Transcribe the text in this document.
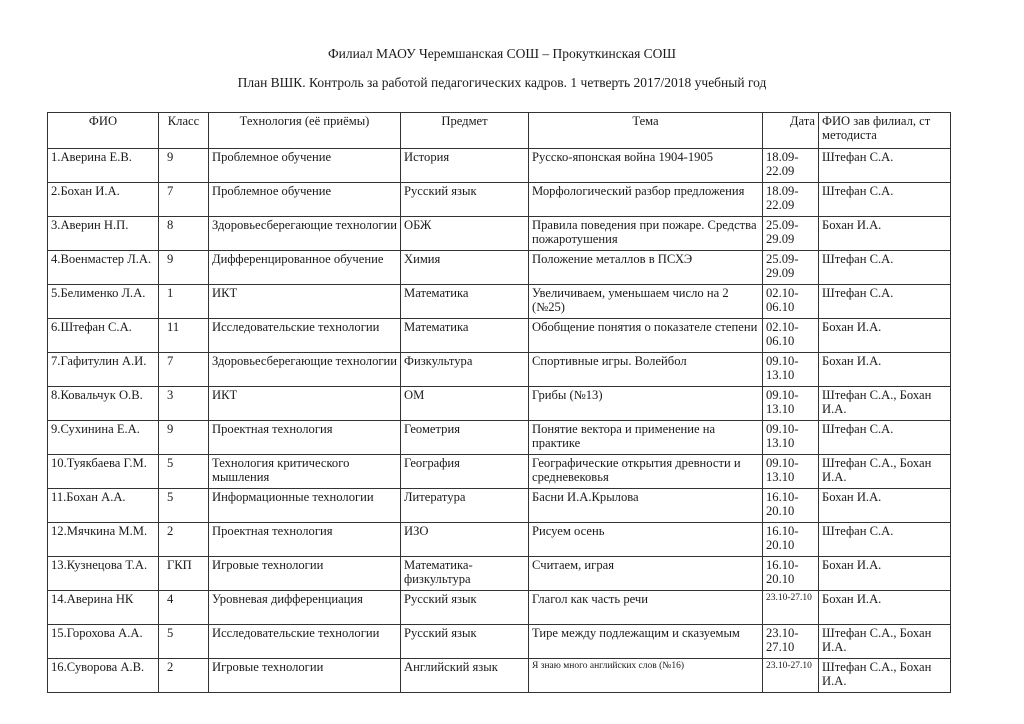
Филиал МАОУ Черемшанская СОШ – Прокуткинская СОШ
План ВШК. Контроль за работой педагогических кадров. 1 четверть 2017/2018 учебный год
ФИО	Класс	Технология (её приёмы)	Предмет	Тема	Дата	ФИО зав филиал, ст методиста
1.Аверина Е.В.	9	Проблемное обучение	История	Русско-японская война 1904-1905	18.09-22.09	Штефан С.А.
2.Бохан И.А.	7	Проблемное обучение	Русский язык	Морфологический разбор предложения	18.09-22.09	Штефан С.А.
3.Аверин Н.П.	8	Здоровьесберегающие технологии	ОБЖ	Правила поведения при пожаре. Средства пожаротушения	25.09-29.09	Бохан И.А.
4.Военмастер Л.А.	9	Дифференцированное обучение	Химия	Положение металлов в ПСХЭ	25.09-29.09	Штефан С.А.
5.Белименко Л.А.	1	ИКТ	Математика	Увеличиваем, уменьшаем число на 2 (№25)	02.10-06.10	Штефан С.А.
6.Штефан С.А.	11	Исследовательские технологии	Математика	Обобщение понятия о показателе степени	02.10-06.10	Бохан И.А.
7.Гафитулин А.И.	7	Здоровьесберегающие технологии	Физкультура	Спортивные игры. Волейбол	09.10-13.10	Бохан И.А.
8.Ковальчук О.В.	3	ИКТ	ОМ	Грибы (№13)	09.10-13.10	Штефан С.А., Бохан И.А.
9.Сухинина Е.А.	9	Проектная технология	Геометрия	Понятие вектора и применение на практике	09.10-13.10	Штефан С.А.
10.Туякбаева Г.М.	5	Технология критического мышления	География	Географические открытия древности и средневековья	09.10-13.10	Штефан С.А., Бохан И.А.
11.Бохан А.А.	5	Информационные технологии	Литература	Басни И.А.Крылова	16.10-20.10	Бохан И.А.
12.Мячкина М.М.	2	Проектная технология	ИЗО	Рисуем осень	16.10-20.10	Штефан С.А.
13.Кузнецова Т.А.	ГКП	Игровые технологии	Математика-физкультура	Считаем, играя	16.10-20.10	Бохан И.А.
14.Аверина НК	4	Уровневая дифференциация	Русский язык	Глагол как часть речи	23.10-27.10	Бохан И.А.
15.Горохова А.А.	5	Исследовательские технологии	Русский язык	Тире между подлежащим и сказуемым	23.10-27.10	Штефан С.А., Бохан И.А.
16.Суворова А.В.	2	Игровые технологии	Английский язык	Я знаю много английских слов (№16)	23.10-27.10	Штефан С.А., Бохан И.А.
